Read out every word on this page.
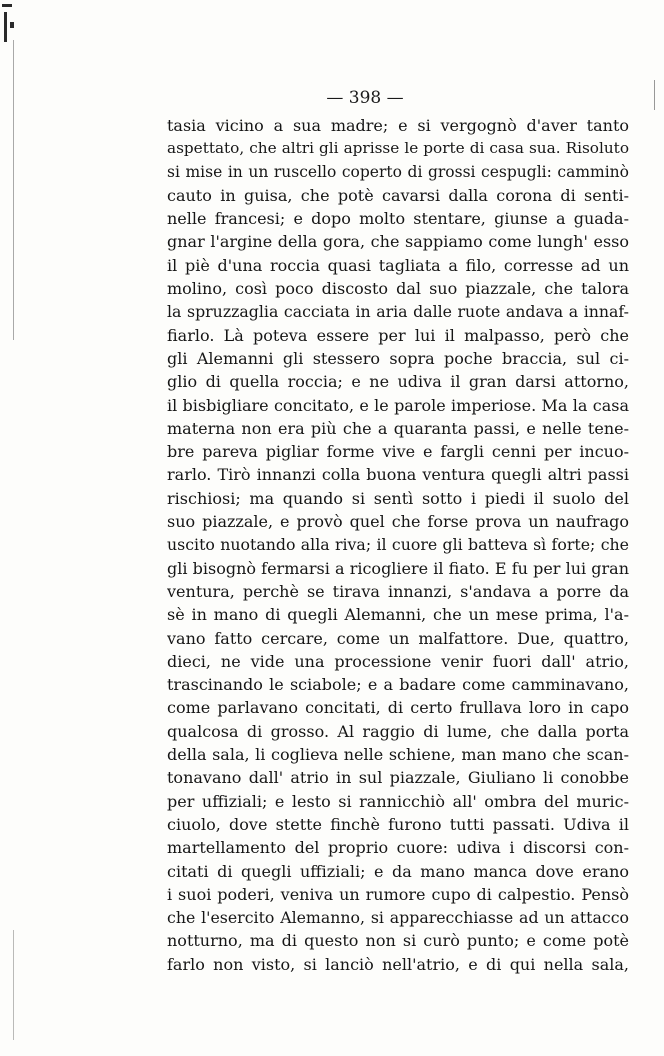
— 398 —
tasia vicino a sua madre; e si vergognò d'aver tanto
aspettato, che altri gli aprisse le porte di casa sua. Risoluto
si mise in un ruscello coperto di grossi cespugli: camminò
cauto in guisa, che potè cavarsi dalla corona di senti-
nelle francesi; e dopo molto stentare, giunse a guada-
gnar l'argine della gora, che sappiamo come lungh' esso
il piè d'una roccia quasi tagliata a filo, corresse ad un
molino, così poco discosto dal suo piazzale, che talora
la spruzzaglia cacciata in aria dalle ruote andava a innaf-
fiarlo. Là poteva essere per lui il malpasso, però che
gli Alemanni gli stessero sopra poche braccia, sul ci-
glio di quella roccia; e ne udiva il gran darsi attorno,
il bisbigliare concitato, e le parole imperiose. Ma la casa
materna non era più che a quaranta passi, e nelle tene-
bre pareva pigliar forme vive e fargli cenni per incuo-
rarlo. Tirò innanzi colla buona ventura quegli altri passi
rischiosi; ma quando si sentì sotto i piedi il suolo del
suo piazzale, e provò quel che forse prova un naufrago
uscito nuotando alla riva; il cuore gli batteva sì forte; che
gli bisognò fermarsi a ricogliere il fiato. E fu per lui gran
ventura, perchè se tirava innanzi, s'andava a porre da
sè in mano di quegli Alemanni, che un mese prima, l'a-
vano fatto cercare, come un malfattore. Due, quattro,
dieci, ne vide una processione venir fuori dall' atrio,
trascinando le sciabole; e a badare come camminavano,
come parlavano concitati, di certo frullava loro in capo
qualcosa di grosso. Al raggio di lume, che dalla porta
della sala, li coglieva nelle schiene, man mano che scan-
tonavano dall' atrio in sul piazzale, Giuliano li conobbe
per uffiziali; e lesto si rannicchiò all' ombra del muric-
ciuolo, dove stette finchè furono tutti passati. Udiva il
martellamento del proprio cuore: udiva i discorsi con-
citati di quegli uffiziali; e da mano manca dove erano
i suoi poderi, veniva un rumore cupo di calpestio. Pensò
che l'esercito Alemanno, si apparecchiasse ad un attacco
notturno, ma di questo non si curò punto; e come potè
farlo non visto, si lanciò nell'atrio, e di qui nella sala,
